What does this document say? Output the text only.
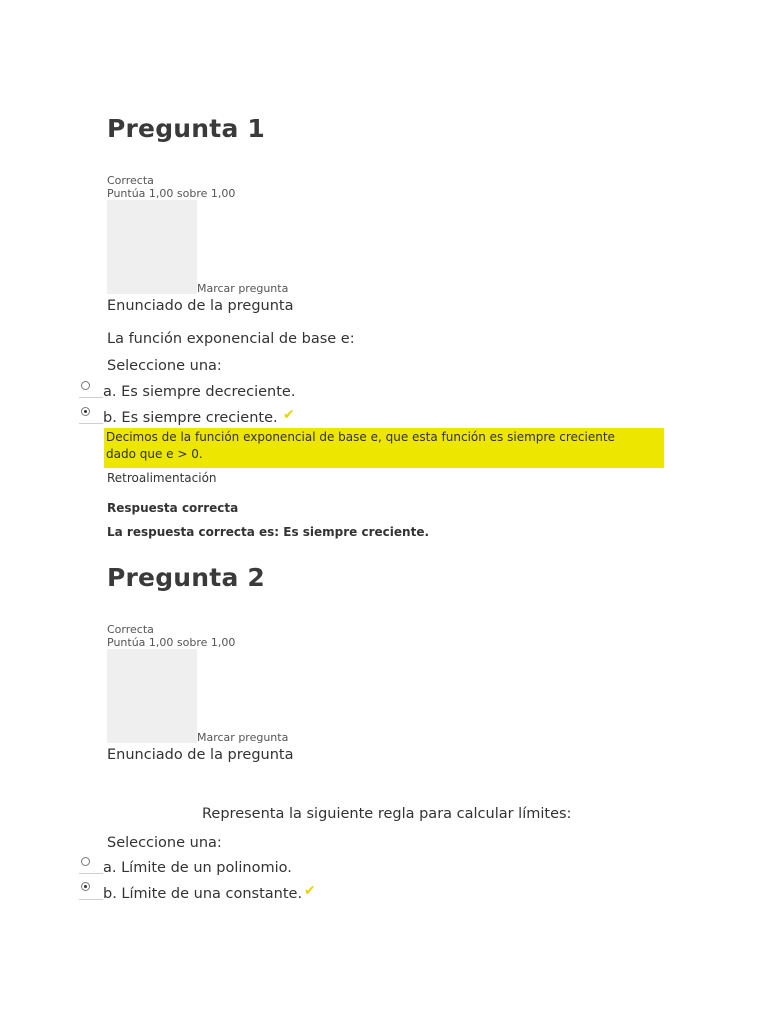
Pregunta 1
Correcta
Puntúa 1,00 sobre 1,00
Marcar pregunta
Enunciado de la pregunta
La función exponencial de base e:
Seleccione una:
a. Es siempre decreciente.
b. Es siempre creciente. ✔
Decimos de la función exponencial de base e, que esta función es siempre creciente
dado que e > 0.
Retroalimentación
Respuesta correcta
La respuesta correcta es: Es siempre creciente.
Pregunta 2
Correcta
Puntúa 1,00 sobre 1,00
Marcar pregunta
Enunciado de la pregunta
Representa la siguiente regla para calcular límites:
Seleccione una:
a. Límite de un polinomio.
b. Límite de una constante. ✔
